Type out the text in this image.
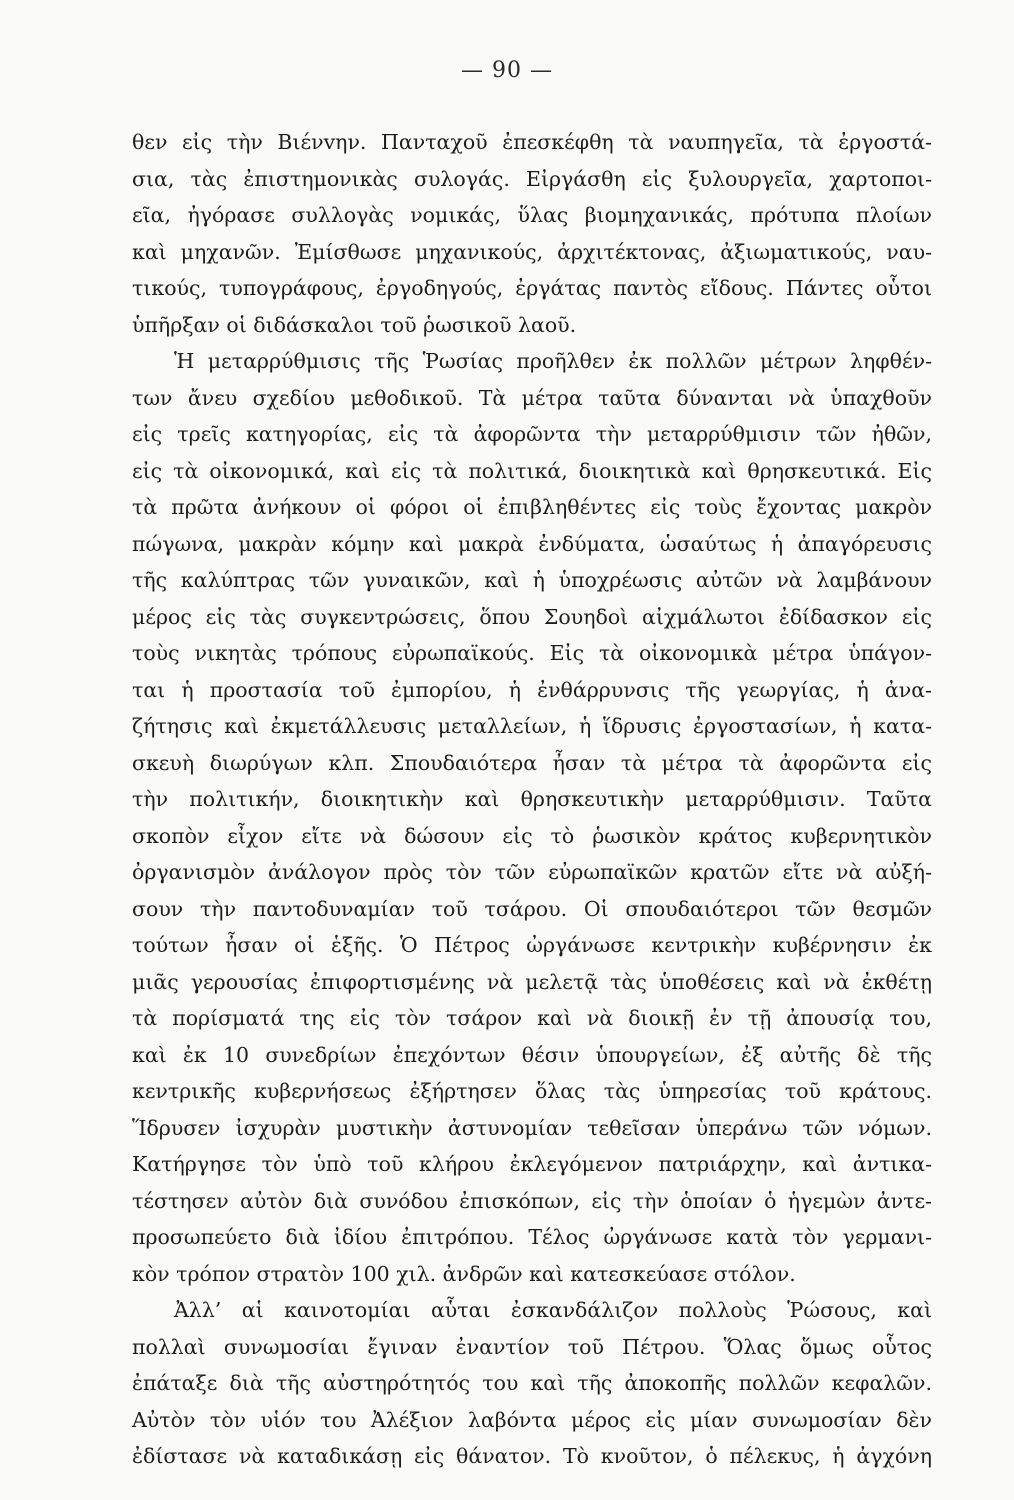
— 90 —
θεν εἰς τὴν Βιένvην. Πανταχοῦ ἐπεσκέφθη τὰ ναυπηγεῖα, τὰ ἐργοστά-
σια, τὰς ἐπιστημονικὰς συλογάς. Εἰργάσθη εἰς ξυλουργεῖα, χαρτοποι-
εῖα, ἠγόρασε συλλογὰς νομικάς, ὕλας βιομηχανικάς, πρότυπα πλοίων
καὶ μηχανῶν. Ἐμίσθωσε μηχανικούς, ἀρχιτέκτονας, ἀξιωματικούς, ναυ-
τικούς, τυπογράφους, ἐργοδηγούς, ἐργάτας παντὸς εἴδους. Πάντες οὗτοι
ὑπῆρξαν οἱ διδάσκαλοι τοῦ ῥωσικοῦ λαοῦ.
Ἡ μεταρρύθμισις τῆς Ῥωσίας προῆλθεν ἐκ πολλῶν μέτρων ληφθέν-
των ἄνευ σχεδίου μεθοδικοῦ. Τὰ μέτρα ταῦτα δύνανται νὰ ὑπαχθοῦν
εἰς τρεῖς κατηγορίας, εἰς τὰ ἀφορῶντα τὴν μεταρρύθμισιν τῶν ἠθῶν,
εἰς τὰ οἰκονομικά, καὶ εἰς τὰ πολιτικά, διοικητικὰ καὶ θρησκευτικά. Εἰς
τὰ πρῶτα ἀνήκουν οἱ φόροι οἱ ἐπιβληθέντες εἰς τοὺς ἔχοντας μακρὸν
πώγωνα, μακρὰν κόμην καὶ μακρὰ ἐνδύματα, ὡσαύτως ἡ ἀπαγόρευσις
τῆς καλύπτρας τῶν γυναικῶν, καὶ ἡ ὑποχρέωσις αὐτῶν νὰ λαμβάνουν
μέρος εἰς τὰς συγκεντρώσεις, ὅπου Σουηδοὶ αἰχμάλωτοι ἐδίδασκον εἰς
τοὺς νικητὰς τρόπους εὐρωπαϊκούς. Εἰς τὰ οἰκονομικὰ μέτρα ὑπάγον-
ται ἡ προστασία τοῦ ἐμπορίου, ἡ ἐνθάρρυνσις τῆς γεωργίας, ἡ ἀνα-
ζήτησις καὶ ἐκμετάλλευσις μεταλλείων, ἡ ἵδρυσις ἐργοστασίων, ἡ κατα-
σκευὴ διωρύγων κλπ. Σπουδαιότερα ἦσαν τὰ μέτρα τὰ ἀφορῶντα εἰς
τὴν πολιτικήν, διοικητικὴν καὶ θρησκευτικὴν μεταρρύθμισιν. Ταῦτα
σκοπὸν εἶχον εἴτε νὰ δώσουν εἰς τὸ ῥωσικὸν κράτος κυβερνητικὸν
ὀργανισμὸν ἀνάλογον πρὸς τὸν τῶν εὐρωπαϊκῶν κρατῶν εἴτε νὰ αὐξή-
σουν τὴν παντοδυναμίαν τοῦ τσάρου. Οἱ σπουδαιότεροι τῶν θεσμῶν
τούτων ἦσαν οἱ ἑξῆς. Ὁ Πέτρος ὠργάνωσε κεντρικὴν κυβέρνησιν ἐκ
μιᾶς γερουσίας ἐπιφορτισμένης νὰ μελετᾷ τὰς ὑποθέσεις καὶ νὰ ἐκθέτῃ
τὰ πορίσματά της εἰς τὸν τσάρον καὶ νὰ διοικῇ ἐν τῇ ἀπουσίᾳ του,
καὶ ἐκ 10 συνεδρίων ἐπεχόντων θέσιν ὑπουργείων, ἐξ αὐτῆς δὲ τῆς
κεντρικῆς κυβερνήσεως ἐξήρτησεν ὅλας τὰς ὑπηρεσίας τοῦ κράτους.
Ἵδρυσεν ἰσχυρὰν μυστικὴν ἀστυνομίαν τεθεῖσαν ὑπεράνω τῶν νόμων.
Κατήργησε τὸν ὑπὸ τοῦ κλήρου ἐκλεγόμενον πατριάρχην, καὶ ἀντικα-
τέστησεν αὐτὸν διὰ συνόδου ἐπισκόπων, εἰς τὴν ὁποίαν ὁ ἡγεμὼν ἀντε-
προσωπεύετο διὰ ἰδίου ἐπιτρόπου. Τέλος ὠργάνωσε κατὰ τὸν γερμανι-
κὸν τρόπον στρατὸν 100 χιλ. ἀνδρῶν καὶ κατεσκεύασε στόλον.
Ἀλλ’ αἱ καινοτομίαι αὗται ἐσκανδάλιζον πολλοὺς Ῥώσους, καὶ
πολλαὶ συνωμοσίαι ἔγιναν ἐναντίον τοῦ Πέτρου. Ὅλας ὅμως οὗτος
ἐπάταξε διὰ τῆς αὐστηρότητός του καὶ τῆς ἀποκοπῆς πολλῶν κεφαλῶν.
Αὐτὸν τὸν υἱόν του Ἀλέξιον λαβόντα μέρος εἰς μίαν συνωμοσίαν δὲν
ἐδίστασε νὰ καταδικάσῃ εἰς θάνατον. Τὸ κνοῦτον, ὁ πέλεκυς, ἡ ἀγχόνη
